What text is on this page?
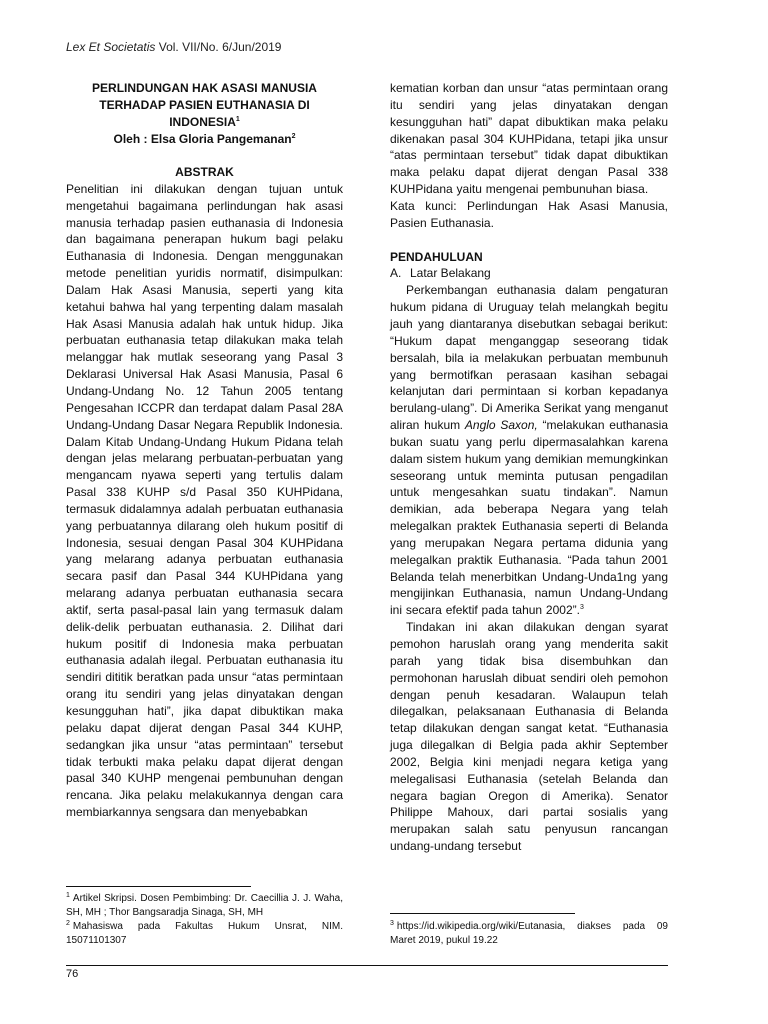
Lex Et Societatis Vol. VII/No. 6/Jun/2019
PERLINDUNGAN HAK ASASI MANUSIA
TERHADAP PASIEN EUTHANASIA DI
INDONESIA$^1$
Oleh : Elsa Gloria Pangemanan$^2$
ABSTRAK

Penelitian ini dilakukan dengan tujuan untuk mengetahui bagaimana perlindungan hak asasi manusia terhadap pasien euthanasia di Indonesia dan bagaimana penerapan hukum bagi pelaku Euthanasia di Indonesia. Dengan menggunakan metode penelitian yuridis normatif, disimpulkan: Dalam Hak Asasi Manusia, seperti yang kita ketahui bahwa hal yang terpenting dalam masalah Hak Asasi Manusia adalah hak untuk hidup. Jika perbuatan euthanasia tetap dilakukan maka telah melanggar hak mutlak seseorang yang Pasal 3 Deklarasi Universal Hak Asasi Manusia, Pasal 6 Undang-Undang No. 12 Tahun 2005 tentang Pengesahan ICCPR dan terdapat dalam Pasal 28A Undang-Undang Dasar Negara Republik Indonesia. Dalam Kitab Undang-Undang Hukum Pidana telah dengan jelas melarang perbuatan-perbuatan yang mengancam nyawa seperti yang tertulis dalam Pasal 338 KUHP s/d Pasal 350 KUHPidana, termasuk didalamnya adalah perbuatan euthanasia yang perbuatannya dilarang oleh hukum positif di Indonesia, sesuai dengan Pasal 304 KUHPidana yang melarang adanya perbuatan euthanasia secara pasif dan Pasal 344 KUHPidana yang melarang adanya perbuatan euthanasia secara aktif, serta pasal-pasal lain yang termasuk dalam delik-delik perbuatan euthanasia. 2. Dilihat dari hukum positif di Indonesia maka perbuatan euthanasia adalah ilegal. Perbuatan euthanasia itu sendiri dititik beratkan pada unsur “atas permintaan orang itu sendiri yang jelas dinyatakan dengan kesungguhan hati”, jika dapat dibuktikan maka pelaku dapat dijerat dengan Pasal 344 KUHP, sedangkan jika unsur “atas permintaan” tersebut tidak terbukti maka pelaku dapat dijerat dengan pasal 340 KUHP mengenai pembunuhan dengan rencana. Jika pelaku melakukannya dengan cara membiarkannya sengsara dan menyebabkan

$^1$ Artikel Skripsi. Dosen Pembimbing: Dr. Caecillia J. J. Waha, SH, MH ; Thor Bangsaradja Sinaga, SH, MH
$^2$ Mahasiswa pada Fakultas Hukum Unsrat, NIM. 15071101307

kematian korban dan unsur “atas permintaan orang itu sendiri yang jelas dinyatakan dengan kesungguhan hati” dapat dibuktikan maka pelaku dikenakan pasal 304 KUHPidana, tetapi jika unsur “atas permintaan tersebut” tidak dapat dibuktikan maka pelaku dapat dijerat dengan Pasal 338 KUHPidana yaitu mengenai pembunuhan biasa.

Kata kunci: Perlindungan Hak Asasi Manusia, Pasien Euthanasia.

PENDAHULUAN
A. Latar Belakang

Perkembangan euthanasia dalam pengaturan hukum pidana di Uruguay telah melangkah begitu jauh yang diantaranya disebutkan sebagai berikut: “Hukum dapat menganggap seseorang tidak bersalah, bila ia melakukan perbuatan membunuh yang bermotifkan perasaan kasihan sebagai kelanjutan dari permintaan si korban kepadanya berulang-ulang”. Di Amerika Serikat yang menganut aliran hukum Anglo Saxon, “melakukan euthanasia bukan suatu yang perlu dipermasalahkan karena dalam sistem hukum yang demikian memungkinkan seseorang untuk meminta putusan pengadilan untuk mengesahkan suatu tindakan”. Namun demikian, ada beberapa Negara yang telah melegalkan praktek Euthanasia seperti di Belanda yang merupakan Negara pertama didunia yang melegalkan praktik Euthanasia. “Pada tahun 2001 Belanda telah menerbitkan Undang-Unda1ng yang mengijinkan Euthanasia, namun Undang-Undang ini secara efektif pada tahun 2002”.$^3$

Tindakan ini akan dilakukan dengan syarat pemohon haruslah orang yang menderita sakit parah yang tidak bisa disembuhkan dan permohonan haruslah dibuat sendiri oleh pemohon dengan penuh kesadaran. Walaupun telah dilegalkan, pelaksanaan Euthanasia di Belanda tetap dilakukan dengan sangat ketat. “Euthanasia juga dilegalkan di Belgia pada akhir September 2002, Belgia kini menjadi negara ketiga yang melegalisasi Euthanasia (setelah Belanda dan negara bagian Oregon di Amerika). Senator Philippe Mahoux, dari partai sosialis yang merupakan salah satu penyusun rancangan undang-undang tersebut

$^3$ https://id.wikipedia.org/wiki/Eutanasia, diakses pada 09 Maret 2019, pukul 19.22
76
